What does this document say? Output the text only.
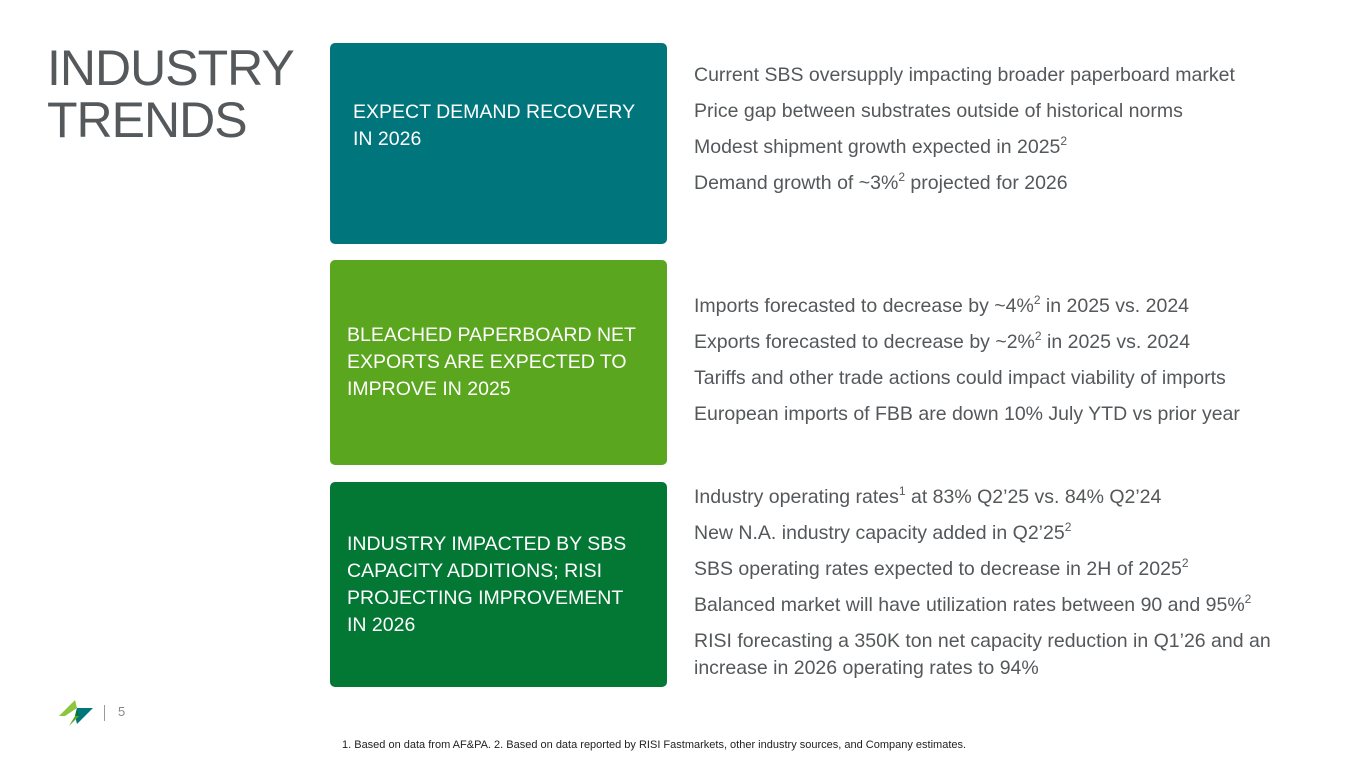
INDUSTRY
TRENDS	EXPECT DEMAND RECOVERY
IN 2026
BLEACHED PAPERBOARD NET
EXPORTS ARE EXPECTED TO
IMPROVE IN 2025
INDUSTRY IMPACTED BY SBS
CAPACITY ADDITIONS; RISI
PROJECTING IMPROVEMENT
IN 2026
Current SBS oversupply impacting broader paperboard market
Price gap between substrates outside of historical norms
Modest shipment growth expected in 2025$^2$
Demand growth of ~3%$^2$ projected for 2026
Imports forecasted to decrease by ~4%$^2$ in 2025 vs. 2024
Exports forecasted to decrease by ~2%$^2$ in 2025 vs. 2024
Tariffs and other trade actions could impact viability of imports
European imports of FBB are down 10% July YTD vs prior year
Industry operating rates$^1$ at 83% Q2’25 vs. 84% Q2’24
New N.A. industry capacity added in $Q2’25^2$
SBS operating rates expected to decrease in 2H of 2025$^2$
Balanced market will have utilization rates between 90 and 95%$^2$
RISI forecasting a 350K ton net capacity reduction in Q1’26 and an increase in 2026 operating rates to 94%
5
1. Based on data from AF&PA. 2. Based on data reported by RISI Fastmarkets, other industry sources, and Company estimates.
